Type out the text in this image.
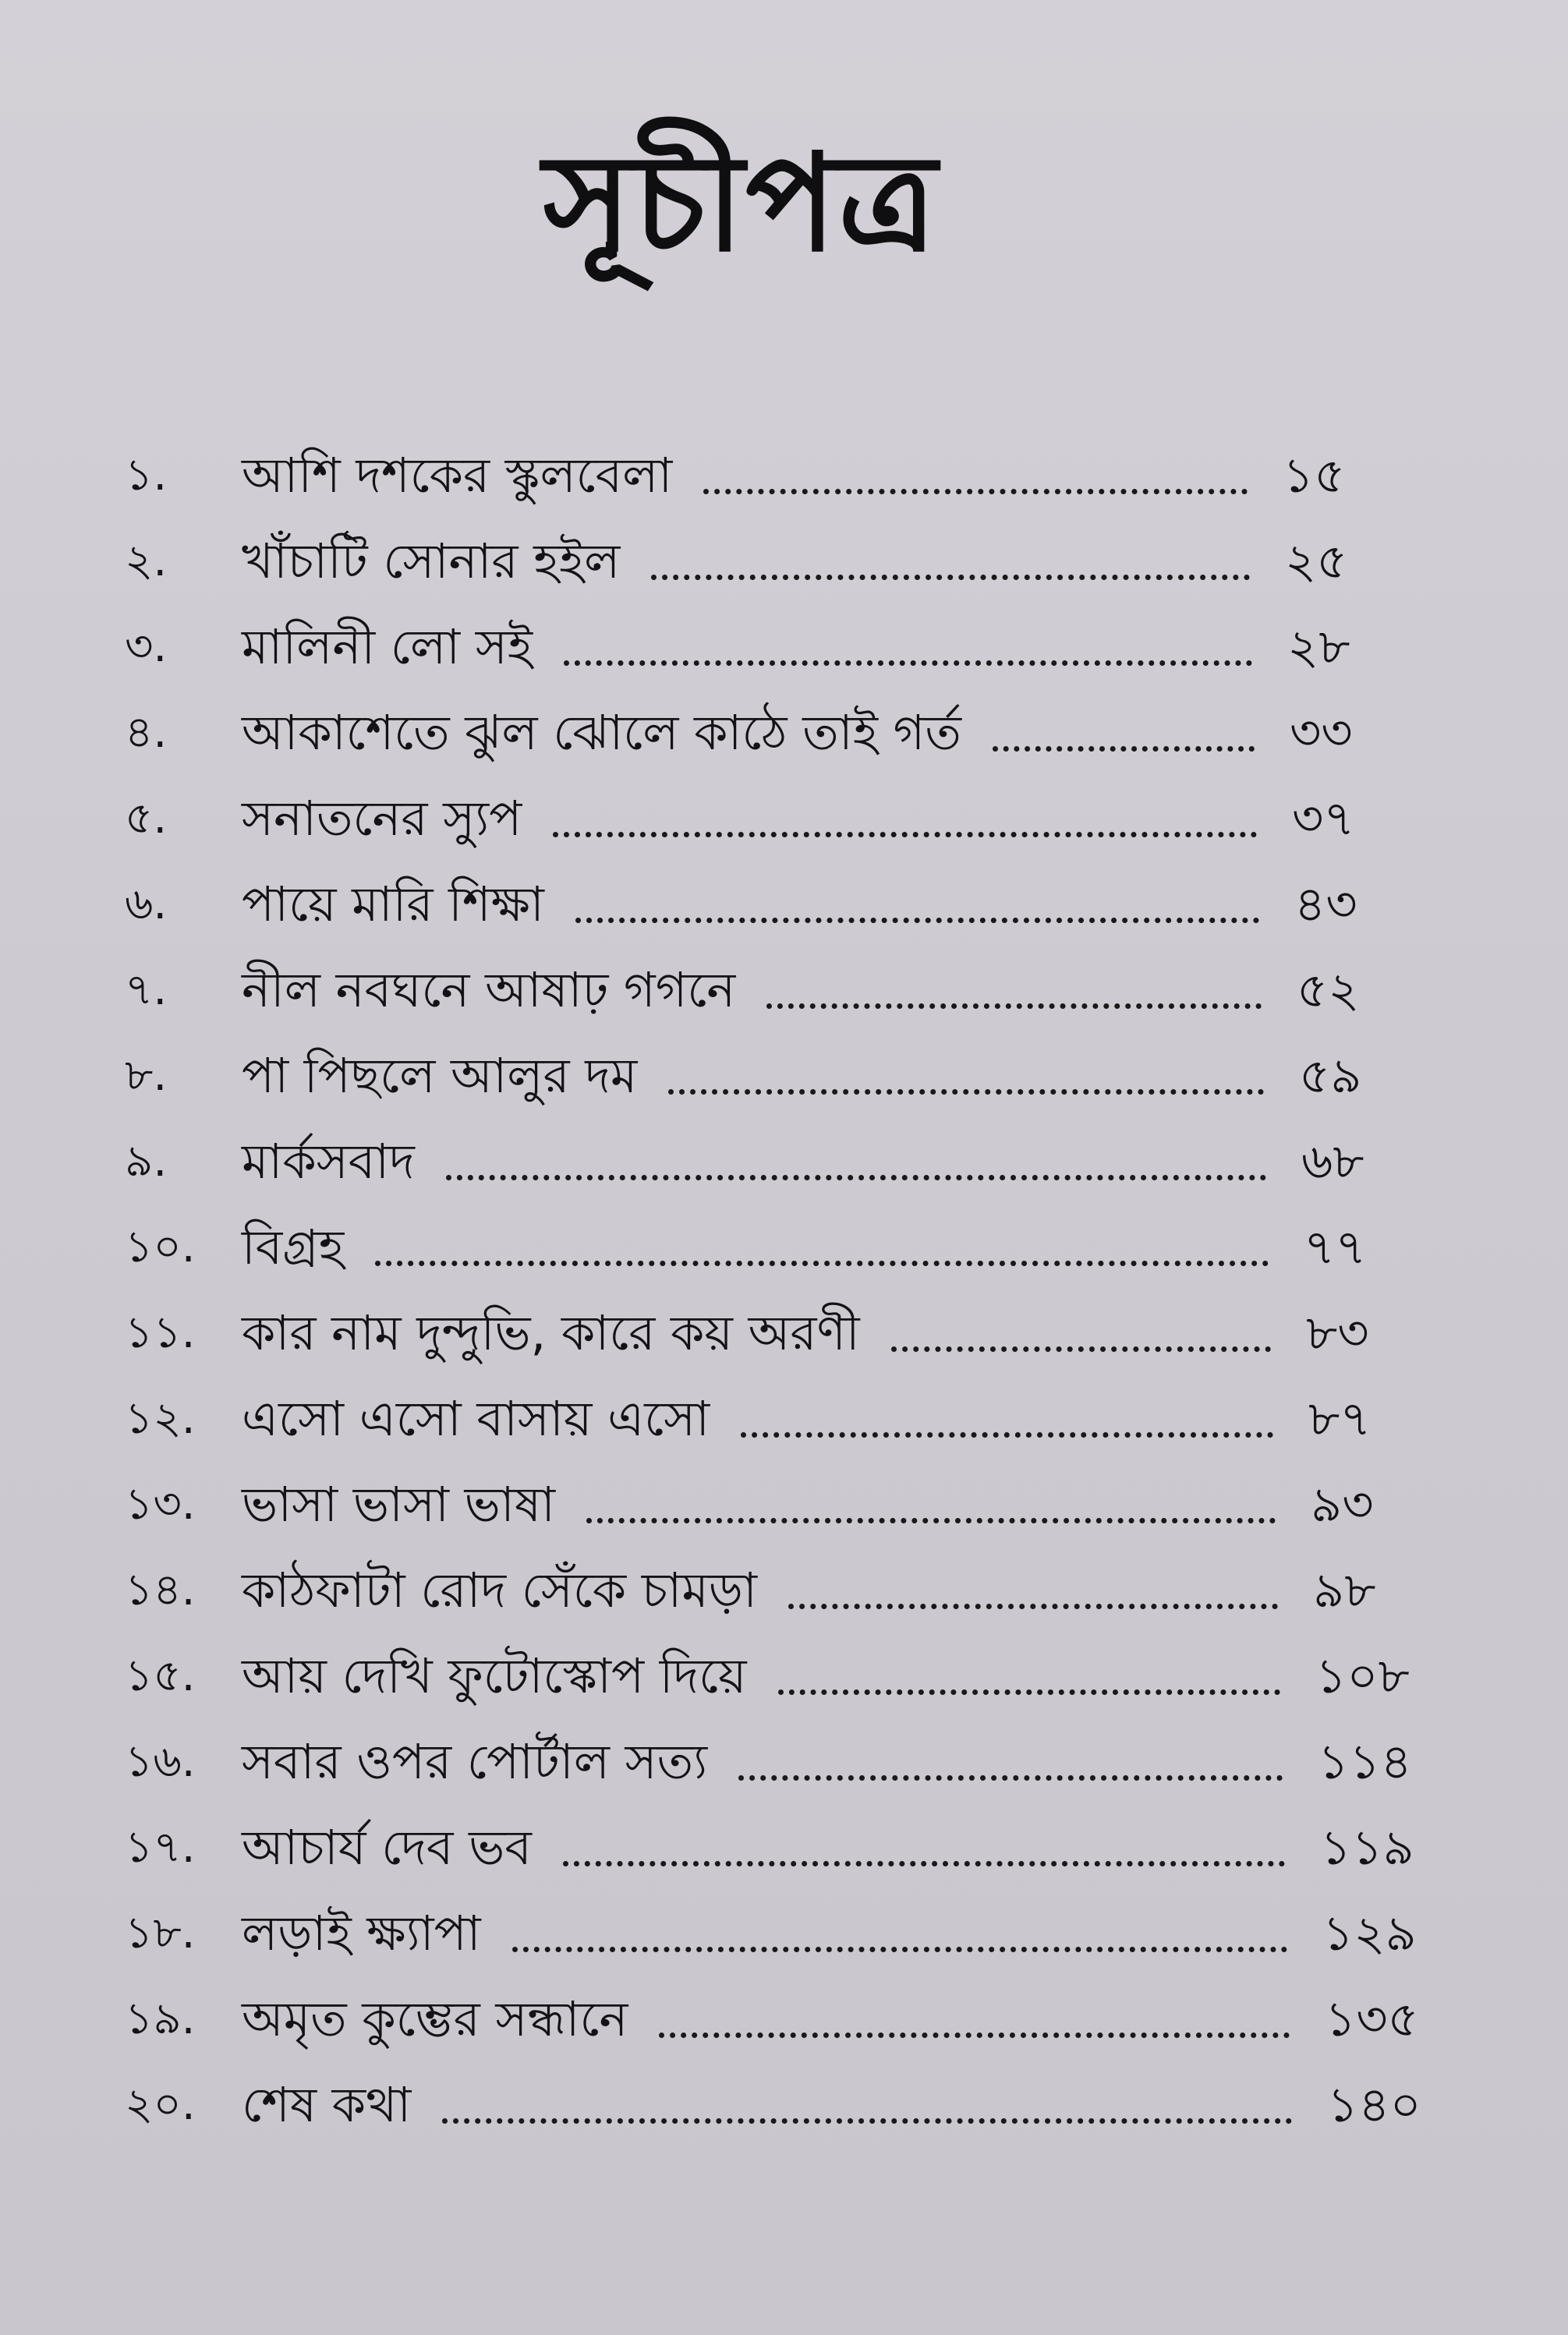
সূচীপত্র
১.	আশি দশকের স্কুলবেলা	১৫
২.	খাঁচাটি সোনার হইল	২৫
৩.	মালিনী লো সই	২৮
৪.	আকাশেতে ঝুল ঝোলে কাঠে তাই গর্ত	৩৩
৫.	সনাতনের স্যুপ	৩৭
৬.	পায়ে মারি শিক্ষা	৪৩
৭.	নীল নবঘনে আষাঢ় গগনে	৫২
৮.	পা পিছলে আলুর দম	৫৯
৯.	মার্কসবাদ	৬৮
১০. বিগ্রহ	৭৭
১১. কার নাম দুন্দুভি, কারে কয় অরণী	৮৩
১২. এসো এসো বাসায় এসো	৮৭
১৩. ভাসা ভাসা ভাষা	৯৩
১৪. কাঠফাটা রোদ সেঁকে চামড়া	৯৮
১৫. আয় দেখি ফুটোস্কোপ দিয়ে	১০৮
১৬. সবার ওপর পোর্টাল সত্য	১১৪
১৭. আচার্য দেব ভব	১১৯
১৮. লড়াই ক্ষ্যাপা	১২৯
১৯. অমৃত কুম্ভের সন্ধানে	১৩৫
২০. শেষ কথা	১৪০
